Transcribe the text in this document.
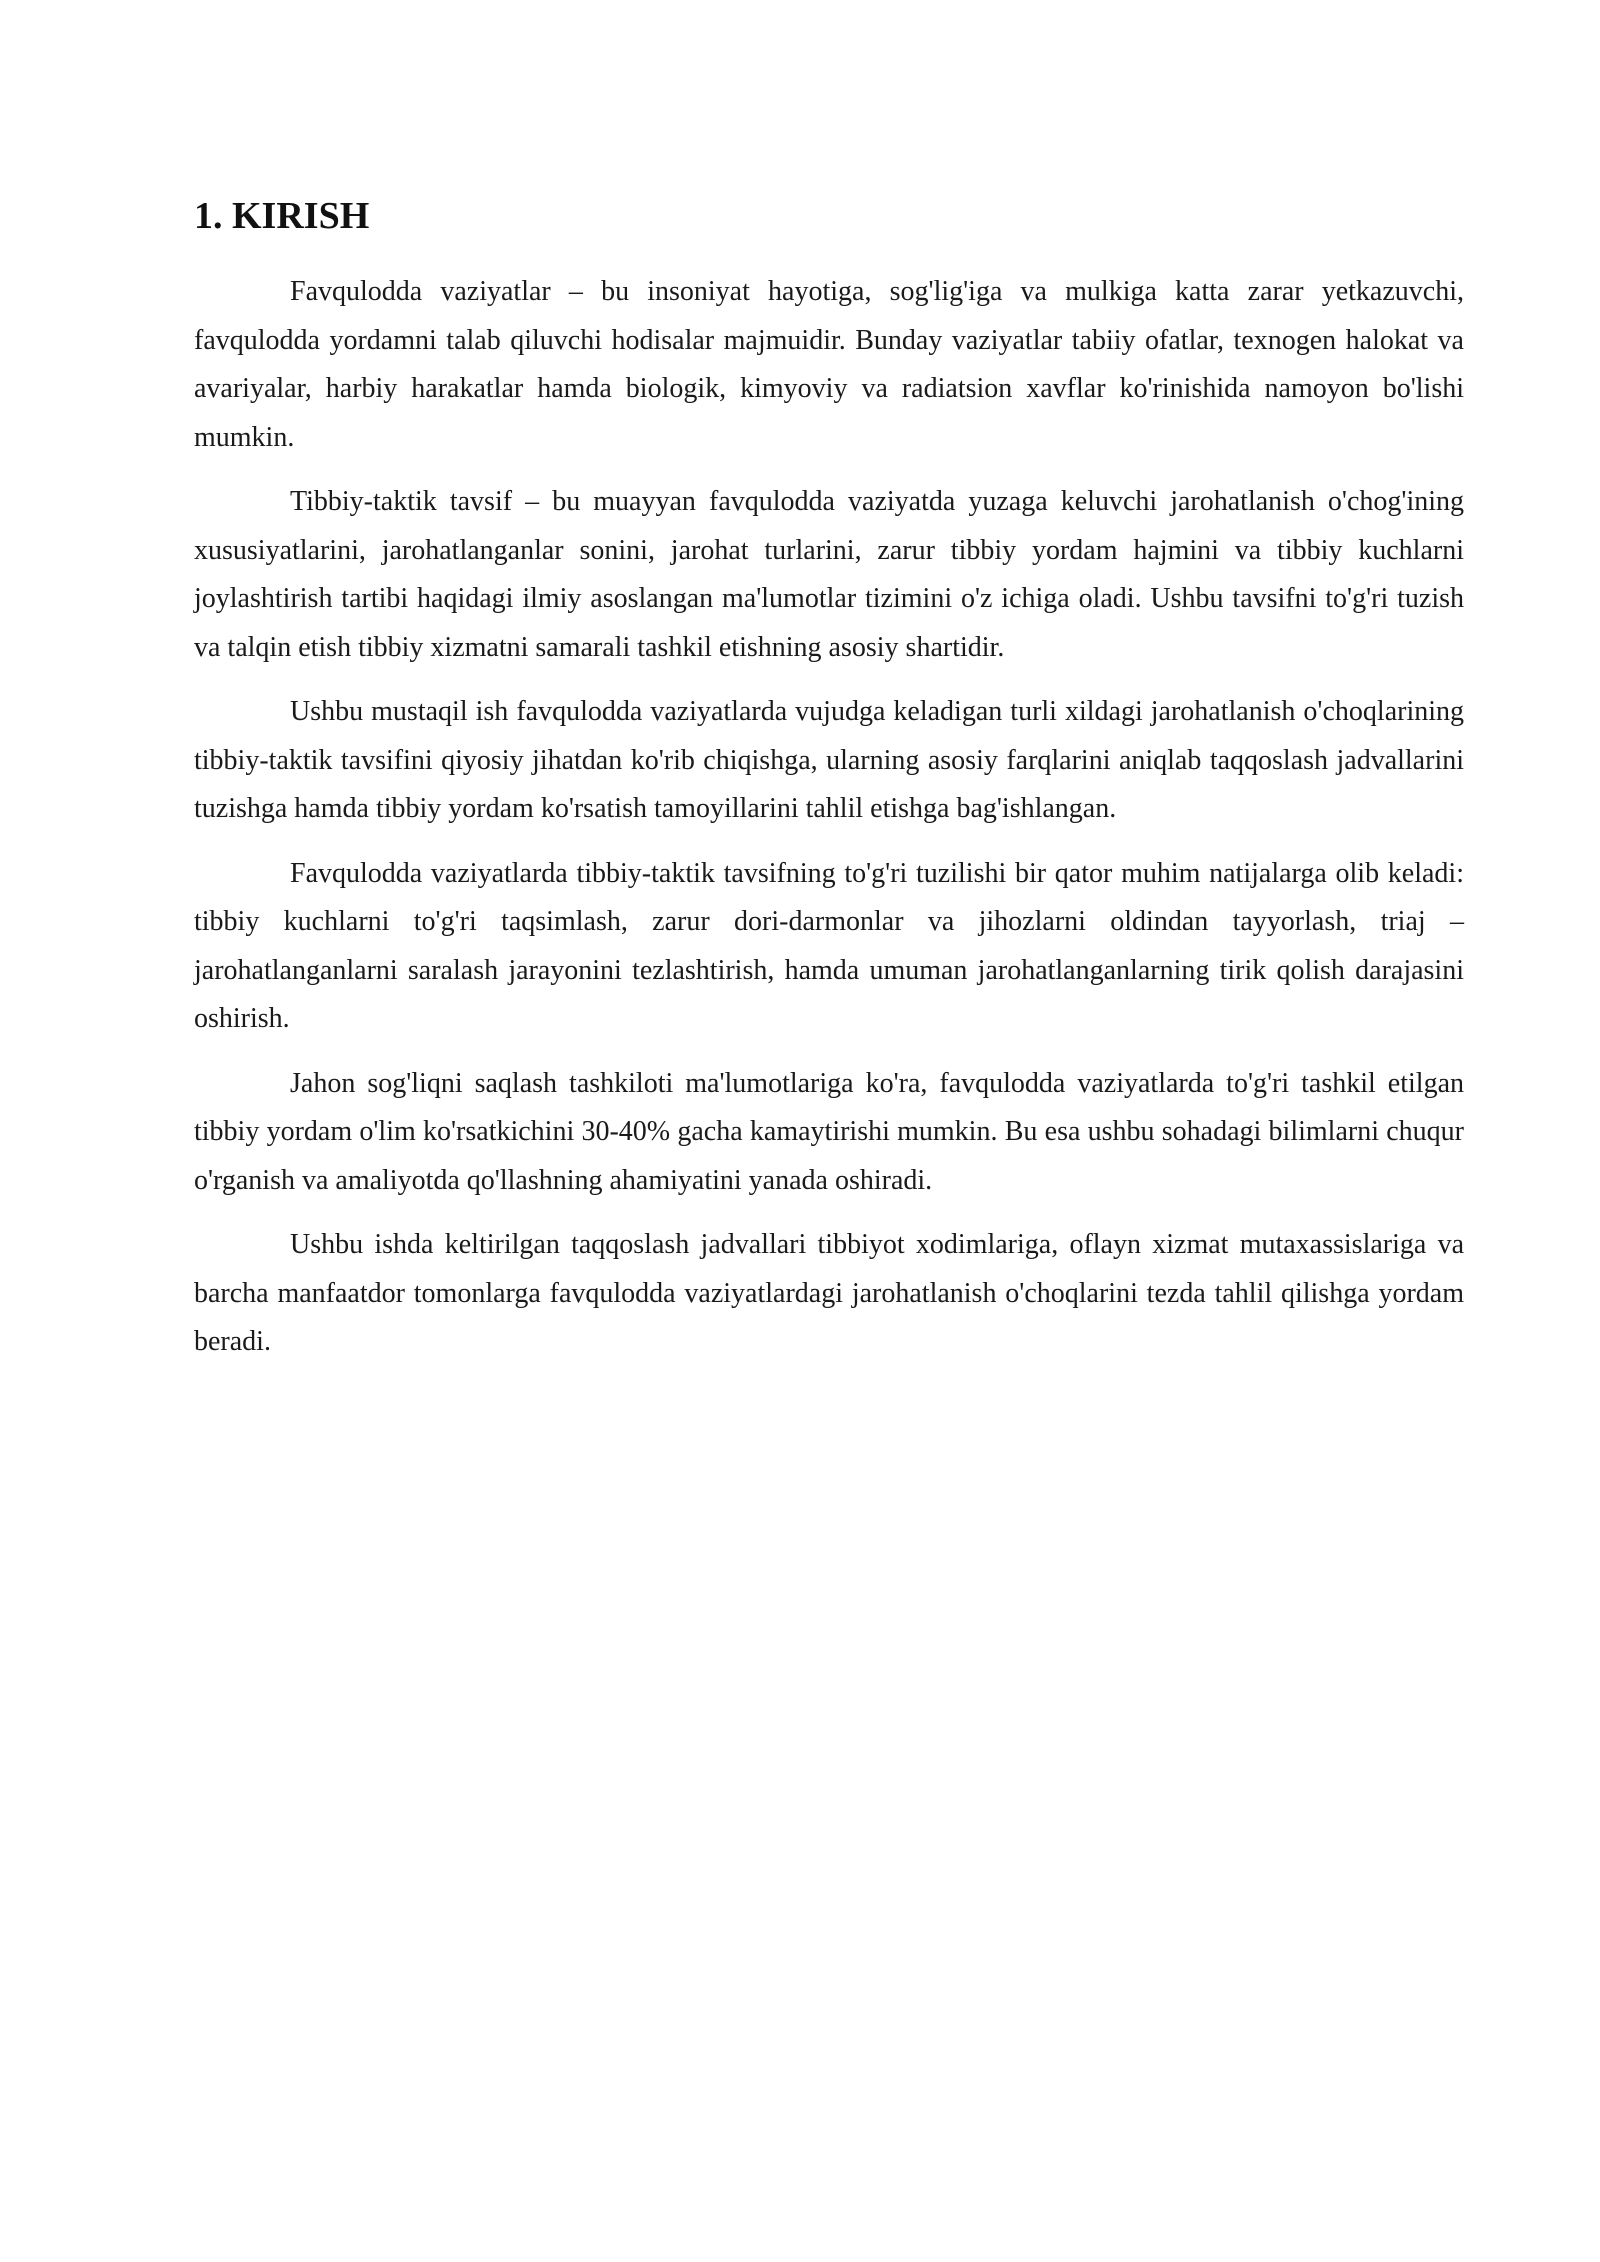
1. KIRISH

Favqulodda vaziyatlar – bu insoniyat hayotiga, sog'lig'iga va mulkiga katta zarar yetkazuvchi, favqulodda yordamni talab qiluvchi hodisalar majmuidir. Bunday vaziyatlar tabiiy ofatlar, texnogen halokat va avariyalar, harbiy harakatlar hamda biologik, kimyoviy va radiatsion xavflar ko'rinishida namoyon bo'lishi mumkin.

Tibbiy-taktik tavsif – bu muayyan favqulodda vaziyatda yuzaga keluvchi jarohatlanish o'chog'ining xususiyatlarini, jarohatlanganlar sonini, jarohat turlarini, zarur tibbiy yordam hajmini va tibbiy kuchlarni joylashtirish tartibi haqidagi ilmiy asoslangan ma'lumotlar tizimini o'z ichiga oladi. Ushbu tavsifni to'g'ri tuzish va talqin etish tibbiy xizmatni samarali tashkil etishning asosiy shartidir.

Ushbu mustaqil ish favqulodda vaziyatlarda vujudga keladigan turli xildagi jarohatlanish o'choqlarining tibbiy-taktik tavsifini qiyosiy jihatdan ko'rib chiqishga, ularning asosiy farqlarini aniqlab taqqoslash jadvallarini tuzishga hamda tibbiy yordam ko'rsatish tamoyillarini tahlil etishga bag'ishlangan.

Favqulodda vaziyatlarda tibbiy-taktik tavsifning to'g'ri tuzilishi bir qator muhim natijalarga olib keladi: tibbiy kuchlarni to'g'ri taqsimlash, zarur dori-darmonlar va jihozlarni oldindan tayyorlash, triaj – jarohatlanganlarni saralash jarayonini tezlashtirish, hamda umuman jarohatlanganlarning tirik qolish darajasini oshirish.

Jahon sog'liqni saqlash tashkiloti ma'lumotlariga ko'ra, favqulodda vaziyatlarda to'g'ri tashkil etilgan tibbiy yordam o'lim ko'rsatkichini 30-40% gacha kamaytirishi mumkin. Bu esa ushbu sohadagi bilimlarni chuqur o'rganish va amaliyotda qo'llashning ahamiyatini yanada oshiradi.

Ushbu ishda keltirilgan taqqoslash jadvallari tibbiyot xodimlariga, oflayn xizmat mutaxassislariga va barcha manfaatdor tomonlarga favqulodda vaziyatlardagi jarohatlanish o'choqlarini tezda tahlil qilishga yordam beradi.
